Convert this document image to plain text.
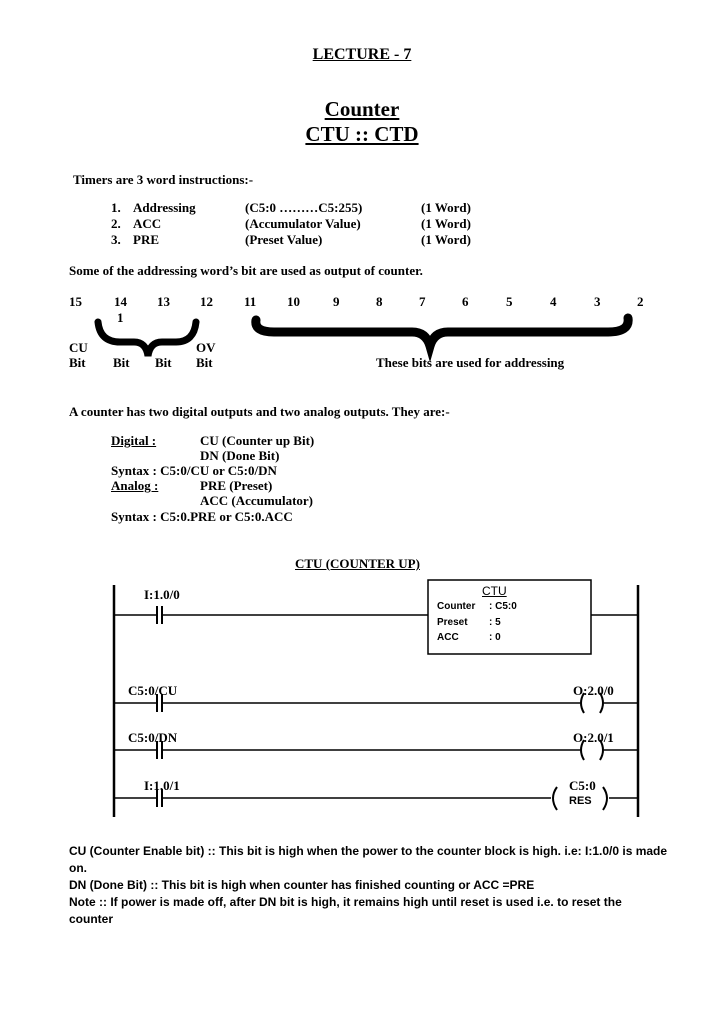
LECTURE - 7
Counter
CTU :: CTD
Timers are 3 word instructions:-
1.	Addressing	(C5:0 ………C5:255)	(1 Word)
2.	ACC	(Accumulator Value)	(1 Word)
3.	PRE	(Preset Value)	(1 Word)
Some of the addressing word’s bit are used as output of counter.
15 14 13 12 11 10	9	8	7	6	5	4	3	2
1
CU	OV
Bit Bit Bit Bit	These bits are used for addressing
A counter has two digital outputs and two analog outputs. They are:-
Digital :	CU (Counter up Bit)
DN (Done Bit)
Syntax : C5:0/CU or C5:0/DN
Analog :	PRE (Preset)
ACC (Accumulator)
Syntax : C5:0.PRE or C5:0.ACC
CTU (COUNTER UP)
I:1.0/0	CTU
Counter : C5:0
Preset : 5
ACC	: 0
C5:0/CU	O:2.0/0
C5:0/DN	O:2.0/1
I:1.0/1	C5:0
RES
CU (Counter Enable bit) :: This bit is high when the power to the counter block is high. i.e: I:1.0/0 is made on.
DN (Done Bit) :: This bit is high when counter has finished counting or ACC =PRE
Note :: If power is made off, after DN bit is high, it remains high until reset is used i.e. to reset the counter
